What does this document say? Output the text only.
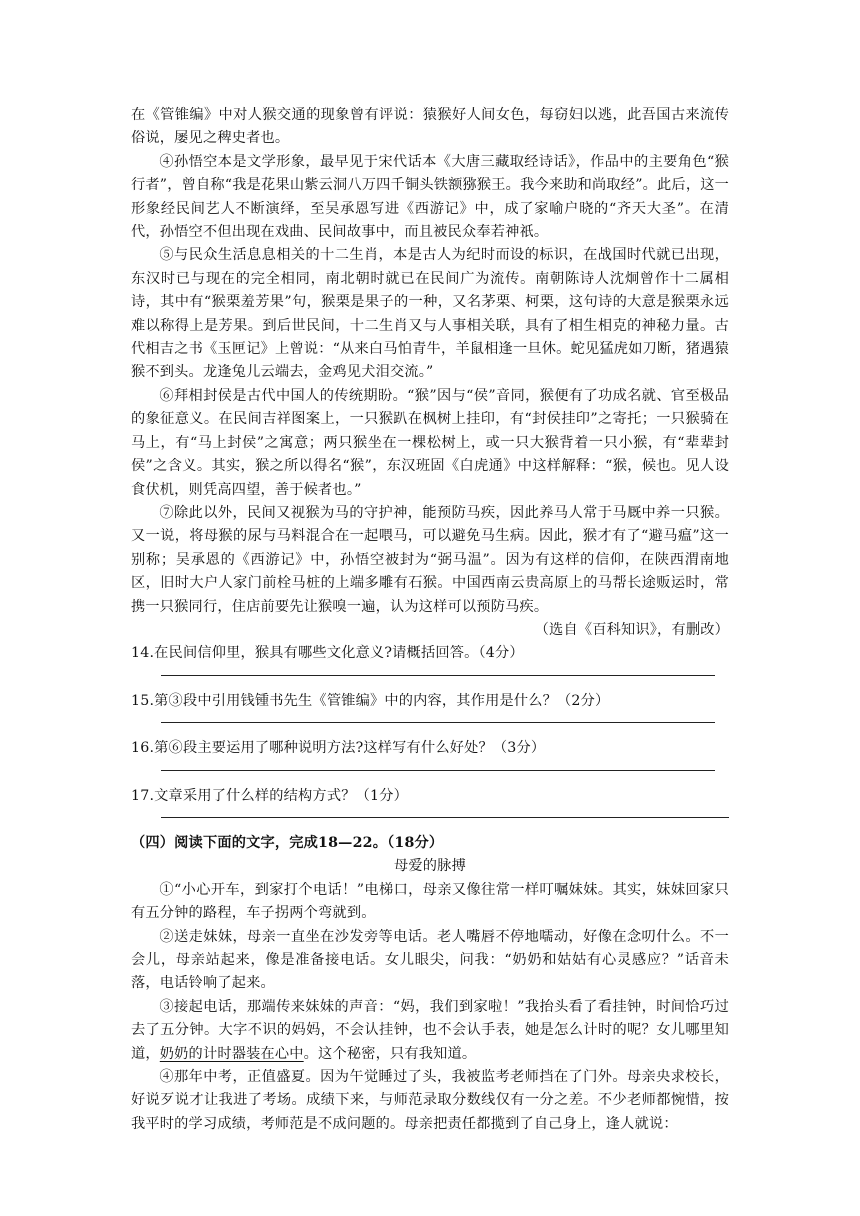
在《管锥编》中对人猴交通的现象曾有评说：猿猴好人间女色，每窃妇以逃，此吾国古来流传俗说，屡见之稗史者也。

④孙悟空本是文学形象，最早见于宋代话本《大唐三藏取经诗话》，作品中的主要角色“猴行者”，曾自称“我是花果山紫云洞八万四千铜头铁额猕猴王。我今来助和尚取经”。此后，这一形象经民间艺人不断演绎，至吴承恩写进《西游记》中，成了家喻户晓的“齐天大圣”。在清代，孙悟空不但出现在戏曲、民间故事中，而且被民众奉若神祇。

⑤与民众生活息息相关的十二生肖，本是古人为纪时而设的标识，在战国时代就已出现，东汉时已与现在的完全相同，南北朝时就已在民间广为流传。南朝陈诗人沈炯曾作十二属相诗，其中有“猴栗羞芳果”句，猴栗是果子的一种，又名茅栗、柯栗，这句诗的大意是猴栗永远难以称得上是芳果。到后世民间，十二生肖又与人事相关联，具有了相生相克的神秘力量。古代相吉之书《玉匣记》上曾说：“从来白马怕青牛，羊鼠相逢一旦休。蛇见猛虎如刀断，猪遇猿猴不到头。龙逢兔儿云端去，金鸡见犬泪交流。”

⑥拜相封侯是古代中国人的传统期盼。“猴”因与“侯”音同，猴便有了功成名就、官至极品的象征意义。在民间吉祥图案上，一只猴趴在枫树上挂印，有“封侯挂印”之寄托；一只猴骑在马上，有“马上封侯”之寓意；两只猴坐在一棵松树上，或一只大猴背着一只小猴，有“辈辈封侯”之含义。其实，猴之所以得名“猴”，东汉班固《白虎通》中这样解释：“猴，候也。见人设食伏机，则凭高四望，善于候者也。”

⑦除此以外，民间又视猴为马的守护神，能预防马疾，因此养马人常于马厩中养一只猴。又一说，将母猴的尿与马料混合在一起喂马，可以避免马生病。因此，猴才有了“避马瘟”这一别称；吴承恩的《西游记》中，孙悟空被封为“弼马温”。因为有这样的信仰，在陕西渭南地区，旧时大户人家门前栓马桩的上端多雕有石猴。中国西南云贵高原上的马帮长途贩运时，常携一只猴同行，住店前要先让猴嗅一遍，认为这样可以预防马疾。

（选自《百科知识》，有删改）

14.在民间信仰里，猴具有哪些文化意义?请概括回答。（4分）

15.第③段中引用钱锺书先生《管锥编》中的内容，其作用是什么？（2分）

16.第⑥段主要运用了哪种说明方法?这样写有什么好处？（3分）

17.文章采用了什么样的结构方式？（1分）

（四）阅读下面的文字，完成18—22。（18分）

母爱的脉搏

①“小心开车，到家打个电话！”电梯口，母亲又像往常一样叮嘱妹妹。其实，妹妹回家只有五分钟的路程，车子拐两个弯就到。

②送走妹妹，母亲一直坐在沙发旁等电话。老人嘴唇不停地嚅动，好像在念叨什么。不一会儿，母亲站起来，像是准备接电话。女儿眼尖，问我：“奶奶和姑姑有心灵感应？”话音未落，电话铃响了起来。

③接起电话，那端传来妹妹的声音：“妈，我们到家啦！”我抬头看了看挂钟，时间恰巧过去了五分钟。大字不识的妈妈，不会认挂钟，也不会认手表，她是怎么计时的呢？女儿哪里知道，奶奶的计时器装在心中。这个秘密，只有我知道。

④那年中考，正值盛夏。因为午觉睡过了头，我被监考老师挡在了门外。母亲央求校长，好说歹说才让我进了考场。成绩下来，与师范录取分数线仅有一分之差。不少老师都惋惜，按我平时的学习成绩，考师范是不成问题的。母亲把责任都揽到了自己身上，逢人就说：
